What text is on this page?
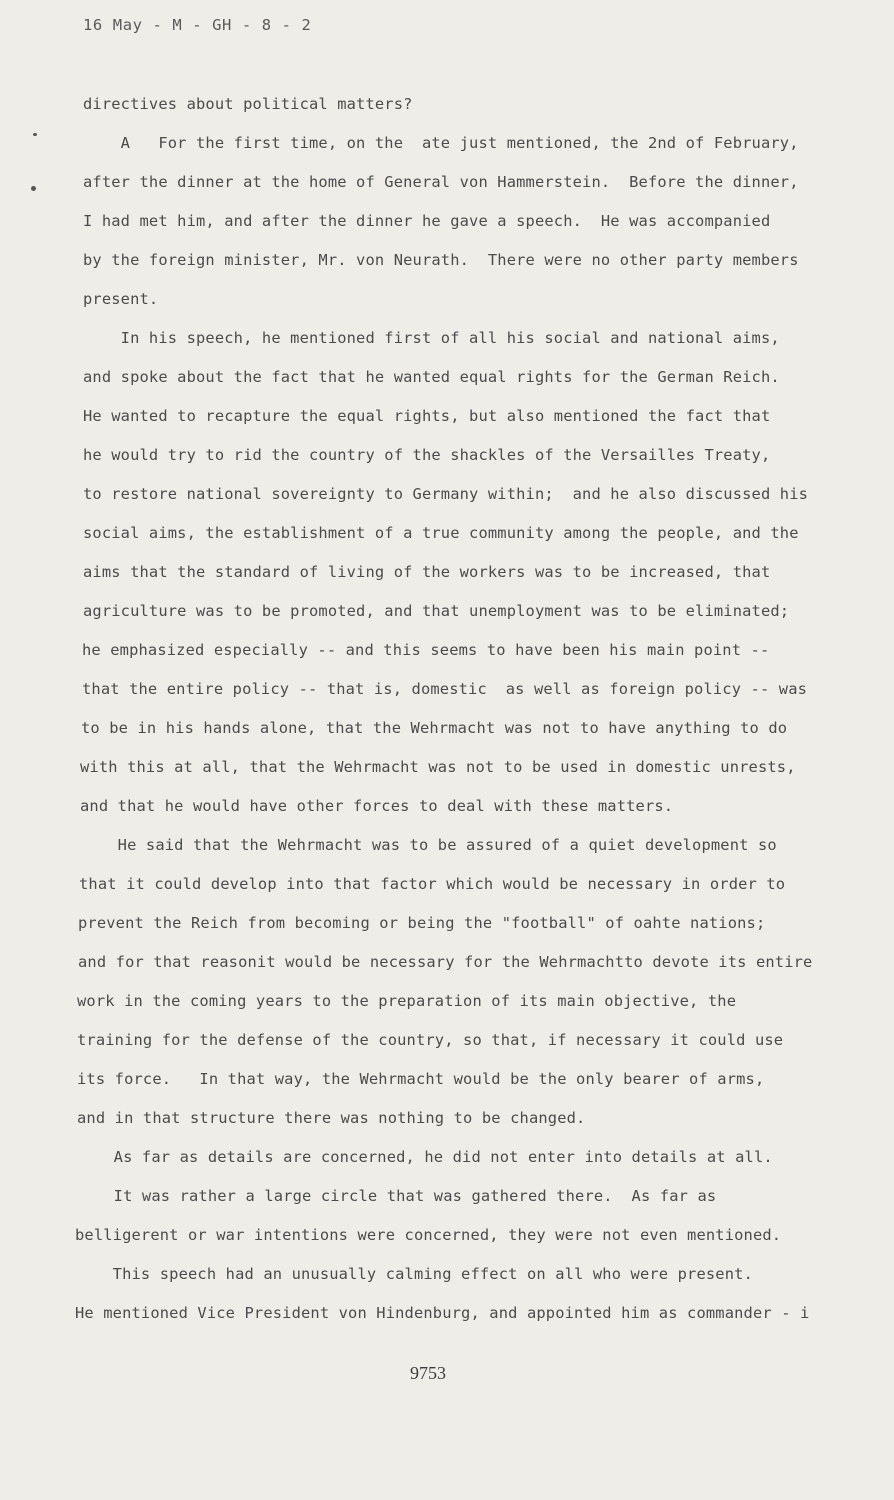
16 May - M - GH - 8 - 2
directives about political matters?
A   For the first time, on the  ate just mentioned, the 2nd of February,
after the dinner at the home of General von Hammerstein.  Before the dinner,
I had met him, and after the dinner he gave a speech.  He was accompanied
by the foreign minister, Mr. von Neurath.  There were no other party members
present.
In his speech, he mentioned first of all his social and national aims,
and spoke about the fact that he wanted equal rights for the German Reich.
He wanted to recapture the equal rights, but also mentioned the fact that
he would try to rid the country of the shackles of the Versailles Treaty,
to restore national sovereignty to Germany within;  and he also discussed his
social aims, the establishment of a true community among the people, and the
aims that the standard of living of the workers was to be increased, that
agriculture was to be promoted, and that unemployment was to be eliminated;
he emphasized especially -- and this seems to have been his main point --
that the entire policy -- that is, domestic  as well as foreign policy -- was
to be in his hands alone, that the Wehrmacht was not to have anything to do
with this at all, that the Wehrmacht was not to be used in domestic unrests,
and that he would have other forces to deal with these matters.
He said that the Wehrmacht was to be assured of a quiet development so
that it could develop into that factor which would be necessary in order to
prevent the Reich from becoming or being the "football" of oahte nations;
and for that reasonit would be necessary for the Wehrmachtto devote its entire
work in the coming years to the preparation of its main objective, the
training for the defense of the country, so that, if necessary it could use
its force.   In that way, the Wehrmacht would be the only bearer of arms,
and in that structure there was nothing to be changed.
As far as details are concerned, he did not enter into details at all.
It was rather a large circle that was gathered there.  As far as
belligerent or war intentions were concerned, they were not even mentioned.
This speech had an unusually calming effect on all who were present.
He mentioned Vice President von Hindenburg, and appointed him as commander - i
9753
